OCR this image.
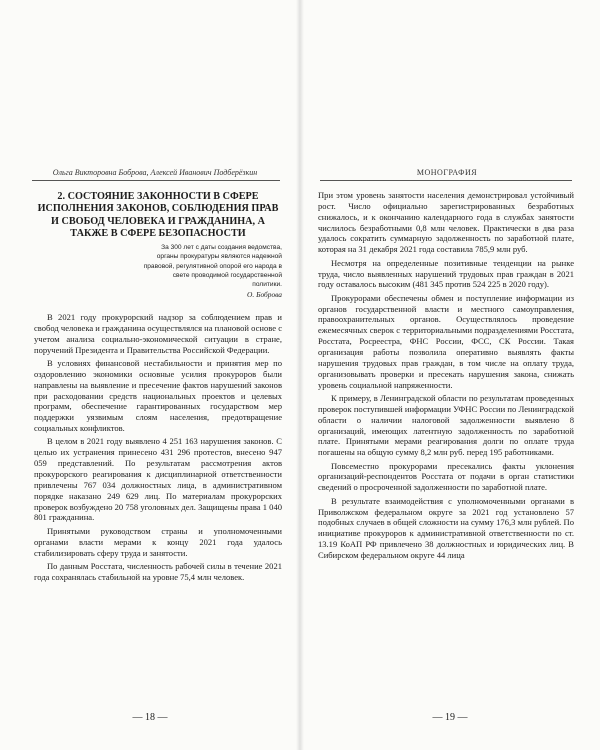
Ольга Викторовна Боброва, Алексей Иванович Подберёзкин
2. СОСТОЯНИЕ ЗАКОННОСТИ В СФЕРЕ ИСПОЛНЕНИЯ ЗАКОНОВ, СОБЛЮДЕНИЯ ПРАВ И СВОБОД ЧЕЛОВЕКА И ГРАЖДАНИНА, А ТАКЖЕ В СФЕРЕ БЕЗОПАСНОСТИ
За 300 лет с даты создания ведомства, органы прокуратуры являются надежной правовой, регулятивной опорой его народа в свете проводимой государственной политики.
О. Боброва

В 2021 году прокурорский надзор за соблюдением прав и свобод человека и гражданина осуществлялся на плановой основе с учетом анализа социально-экономической ситуации в стране, поручений Президента и Правительства Российской Федерации.

В условиях финансовой нестабильности и принятия мер по оздоровлению экономики основные усилия прокуроров были направлены на выявление и пресечение фактов нарушений законов при расходовании средств национальных проектов и целевых программ, обеспечение гарантированных государством мер поддержки уязвимым слоям населения, предотвращение социальных конфликтов.

В целом в 2021 году выявлено 4 251 163 нарушения законов. С целью их устранения принесено 431 296 протестов, внесено 947 059 представлений. По результатам рассмотрения актов прокурорского реагирования к дисциплинарной ответственности привлечены 767 034 должностных лица, в административном порядке наказано 249 629 лиц. По материалам прокурорских проверок возбуждено 20 758 уголовных дел. Защищены права 1 040 801 гражданина.

Принятыми руководством страны и уполномоченными органами власти мерами к концу 2021 года удалось стабилизировать сферу труда и занятости.

По данным Росстата, численность рабочей силы в течение 2021 года сохранялась стабильной на уровне 75,4 млн человек.

— 18 —
МОНОГРАФИЯ

При этом уровень занятости населения демонстрировал устойчивый рост. Число официально зарегистрированных безработных снижалось, и к окончанию календарного года в службах занятости числилось безработными 0,8 млн человек. Практически в два раза удалось сократить суммарную задолженность по заработной плате, которая на 31 декабря 2021 года составила 785,9 млн руб.

Несмотря на определенные позитивные тенденции на рынке труда, число выявленных нарушений трудовых прав граждан в 2021 году оставалось высоким (481 345 против 524 225 в 2020 году).

Прокурорами обеспечены обмен и поступление информации из органов государственной власти и местного самоуправления, правоохранительных органов. Осуществлялось проведение ежемесячных сверок с территориальными подразделениями Росстата, Росстата, Росреестра, ФНС России, ФСС, СК России. Такая организация работы позволила оперативно выявлять факты нарушения трудовых прав граждан, в том числе на оплату труда, организовывать проверки и пресекать нарушения закона, снижать уровень социальной напряженности.

К примеру, в Ленинградской области по результатам проведенных проверок поступившей информации УФНС России по Ленинградской области о наличии налоговой задолженности выявлено 8 организаций, имеющих латентную задолженность по заработной плате. Принятыми мерами реагирования долги по оплате труда погашены на общую сумму 8,2 млн руб. перед 195 работниками.

Повсеместно прокурорами пресекались факты уклонения организаций-респондентов Росстата от подачи в орган статистики сведений о просроченной задолженности по заработной плате.

В результате взаимодействия с уполномоченными органами в Приволжском федеральном округе за 2021 год установлено 57 подобных случаев в общей сложности на сумму 176,3 млн рублей. По инициативе прокуроров к административной ответственности по ст. 13.19 КоАП РФ привлечено 38 должностных и юридических лиц. В Сибирском федеральном округе 44 лица

— 19 —
